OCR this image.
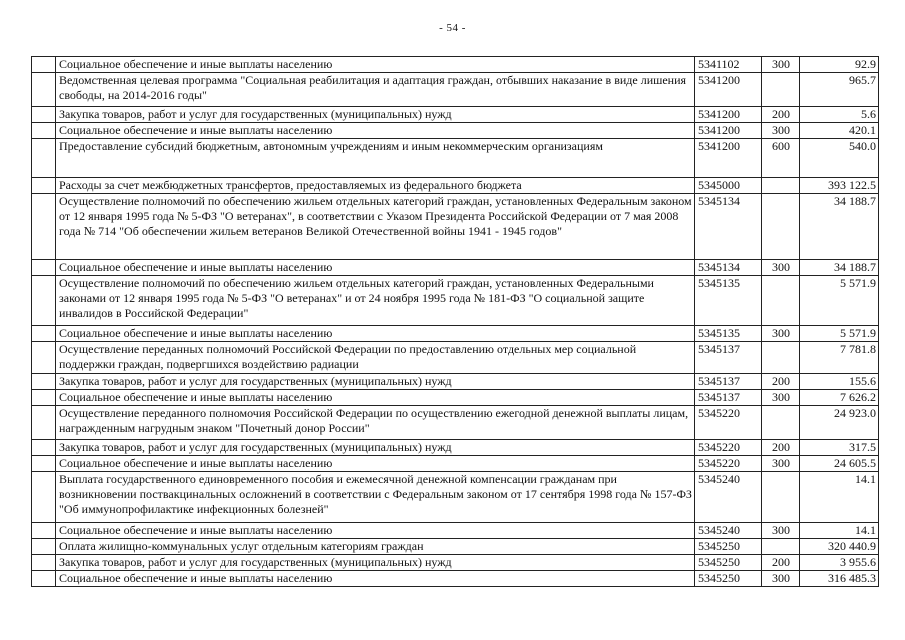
- 54 -
	Социальное обеспечение и иные выплаты населению	5341102	300	92.9
	Ведомственная целевая программа "Социальная реабилитация и адаптация граждан, отбывших наказание в виде лишения свободы, на 2014-2016 годы"	5341200		965.7
	Закупка товаров, работ и услуг для государственных (муниципальных) нужд	5341200	200	5.6
	Социальное обеспечение и иные выплаты населению	5341200	300	420.1
	Предоставление субсидий бюджетным, автономным учреждениям и иным некоммерческим организациям	5341200	600	540.0
	Расходы за счет межбюджетных трансфертов, предоставляемых из федерального бюджета	5345000		393 122.5
	Осуществление полномочий по обеспечению жильем отдельных категорий граждан, установленных Федеральным законом от 12 января 1995 года № 5-ФЗ "О ветеранах", в соответствии с Указом Президента Российской Федерации от 7 мая 2008 года № 714 "Об обеспечении жильем ветеранов Великой Отечественной войны 1941 - 1945 годов"	5345134		34 188.7
	Социальное обеспечение и иные выплаты населению	5345134	300	34 188.7
	Осуществление полномочий по обеспечению жильем отдельных категорий граждан, установленных Федеральными законами от 12 января 1995 года № 5-ФЗ "О ветеранах" и от 24 ноября 1995 года № 181-ФЗ "О социальной защите инвалидов в Российской Федерации"	5345135		5 571.9
	Социальное обеспечение и иные выплаты населению	5345135	300	5 571.9
	Осуществление переданных полномочий Российской Федерации по предоставлению отдельных мер социальной поддержки граждан, подвергшихся воздействию радиации	5345137		7 781.8
	Закупка товаров, работ и услуг для государственных (муниципальных) нужд	5345137	200	155.6
	Социальное обеспечение и иные выплаты населению	5345137	300	7 626.2
	Осуществление переданного полномочия Российской Федерации по осуществлению ежегодной денежной выплаты лицам, награжденным нагрудным знаком "Почетный донор России"	5345220		24 923.0
	Закупка товаров, работ и услуг для государственных (муниципальных) нужд	5345220	200	317.5
	Социальное обеспечение и иные выплаты населению	5345220	300	24 605.5
	Выплата государственного единовременного пособия и ежемесячной денежной компенсации гражданам при возникновении поствакцинальных осложнений в соответствии с Федеральным законом от 17 сентября 1998 года № 157-ФЗ "Об иммунопрофилактике инфекционных болезней"	5345240		14.1
	Социальное обеспечение и иные выплаты населению	5345240	300	14.1
	Оплата жилищно-коммунальных услуг отдельным категориям граждан	5345250		320 440.9
	Закупка товаров, работ и услуг для государственных (муниципальных) нужд	5345250	200	3 955.6
	Социальное обеспечение и иные выплаты населению	5345250	300	316 485.3
